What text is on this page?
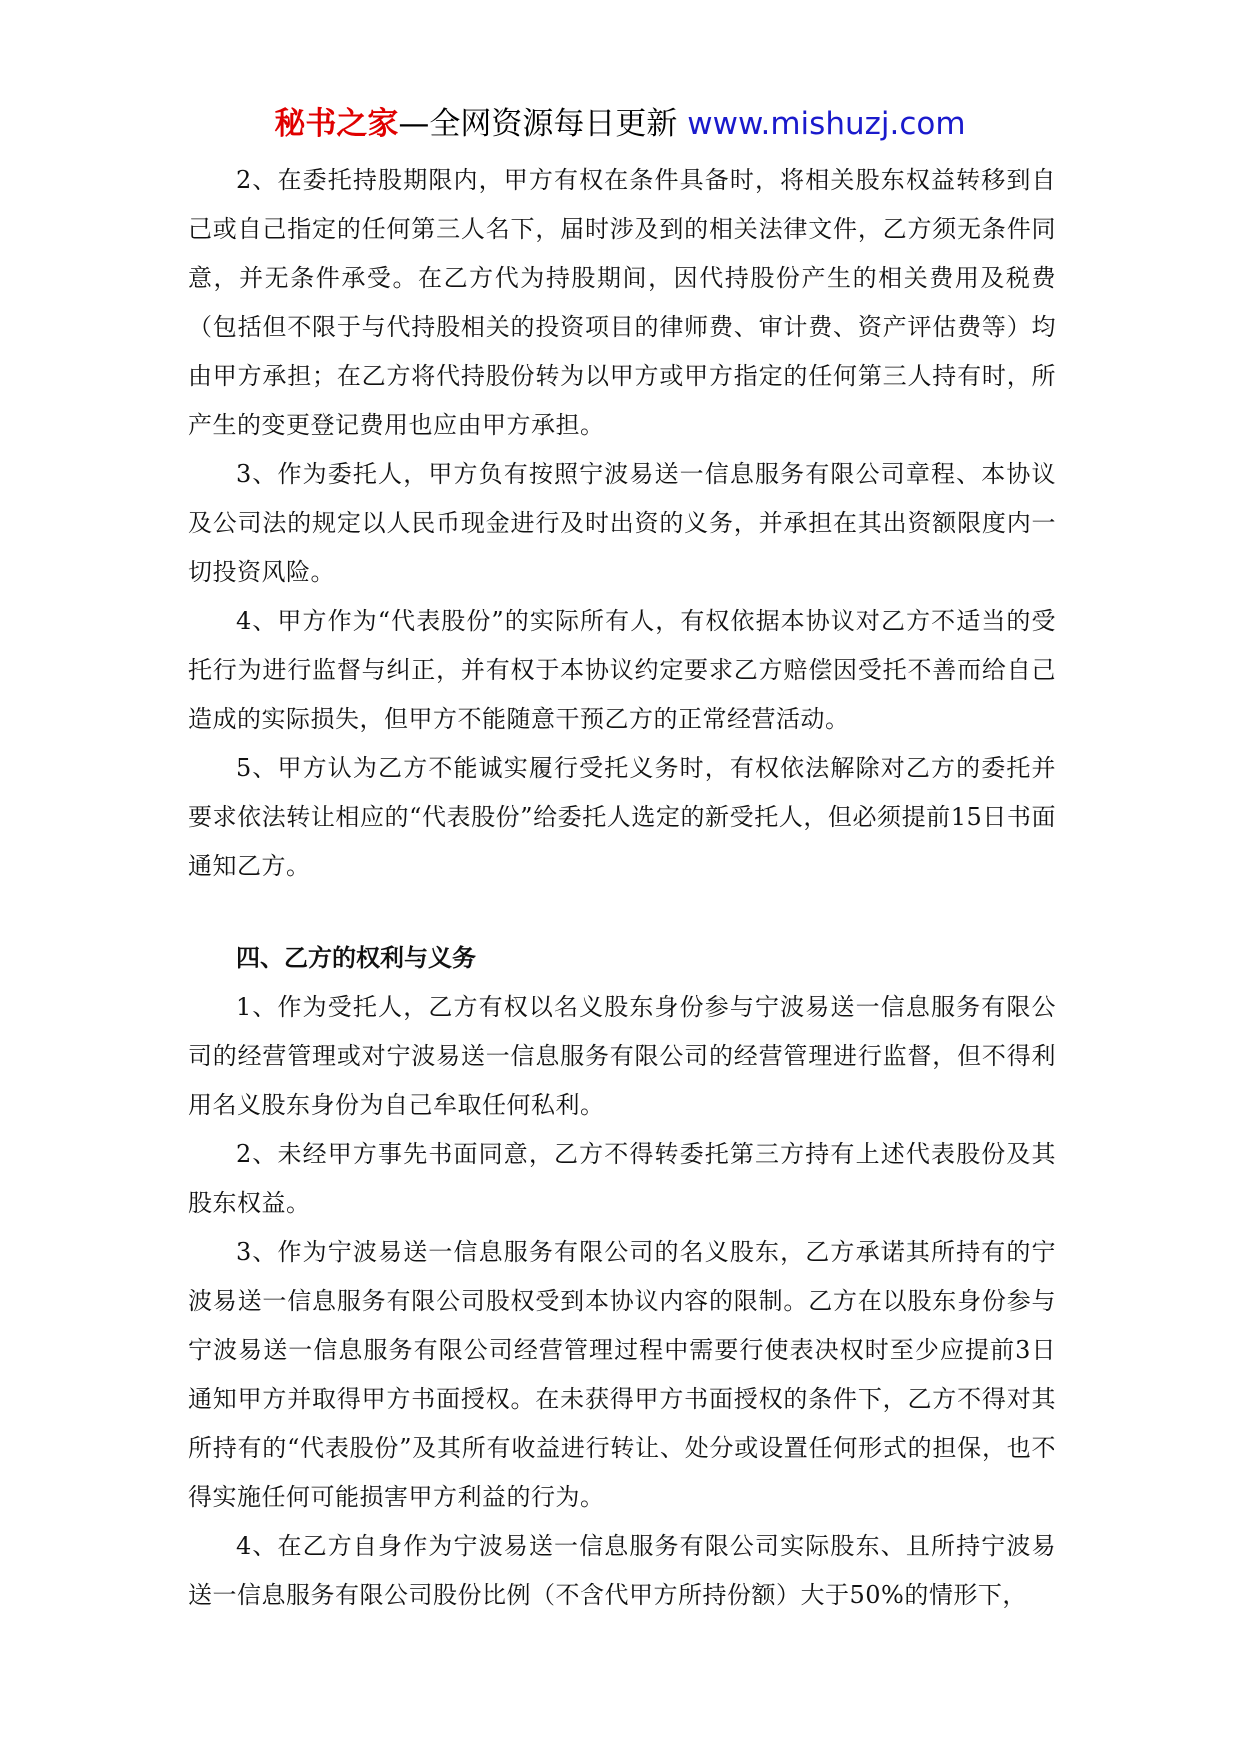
秘书之家—全网资源每日更新 www.mishuzj.com

2、在委托持股期限内，甲方有权在条件具备时，将相关股东权益转移到自己或自己指定的任何第三人名下，届时涉及到的相关法律文件，乙方须无条件同意，并无条件承受。在乙方代为持股期间，因代持股份产生的相关费用及税费（包括但不限于与代持股相关的投资项目的律师费、审计费、资产评估费等）均由甲方承担；在乙方将代持股份转为以甲方或甲方指定的任何第三人持有时，所产生的变更登记费用也应由甲方承担。

3、作为委托人，甲方负有按照宁波易送一信息服务有限公司章程、本协议及公司法的规定以人民币现金进行及时出资的义务，并承担在其出资额限度内一切投资风险。

4、甲方作为“代表股份”的实际所有人，有权依据本协议对乙方不适当的受托行为进行监督与纠正，并有权于本协议约定要求乙方赔偿因受托不善而给自己造成的实际损失，但甲方不能随意干预乙方的正常经营活动。

5、甲方认为乙方不能诚实履行受托义务时，有权依法解除对乙方的委托并要求依法转让相应的“代表股份”给委托人选定的新受托人，但必须提前15日书面通知乙方。

四、乙方的权利与义务

1、作为受托人，乙方有权以名义股东身份参与宁波易送一信息服务有限公司的经营管理或对宁波易送一信息服务有限公司的经营管理进行监督，但不得利用名义股东身份为自己牟取任何私利。

2、未经甲方事先书面同意，乙方不得转委托第三方持有上述代表股份及其股东权益。

3、作为宁波易送一信息服务有限公司的名义股东，乙方承诺其所持有的宁波易送一信息服务有限公司股权受到本协议内容的限制。乙方在以股东身份参与宁波易送一信息服务有限公司经营管理过程中需要行使表决权时至少应提前3日通知甲方并取得甲方书面授权。在未获得甲方书面授权的条件下，乙方不得对其所持有的“代表股份”及其所有收益进行转让、处分或设置任何形式的担保，也不得实施任何可能损害甲方利益的行为。

4、在乙方自身作为宁波易送一信息服务有限公司实际股东、且所持宁波易送一信息服务有限公司股份比例（不含代甲方所持份额）大于50%的情形下，
